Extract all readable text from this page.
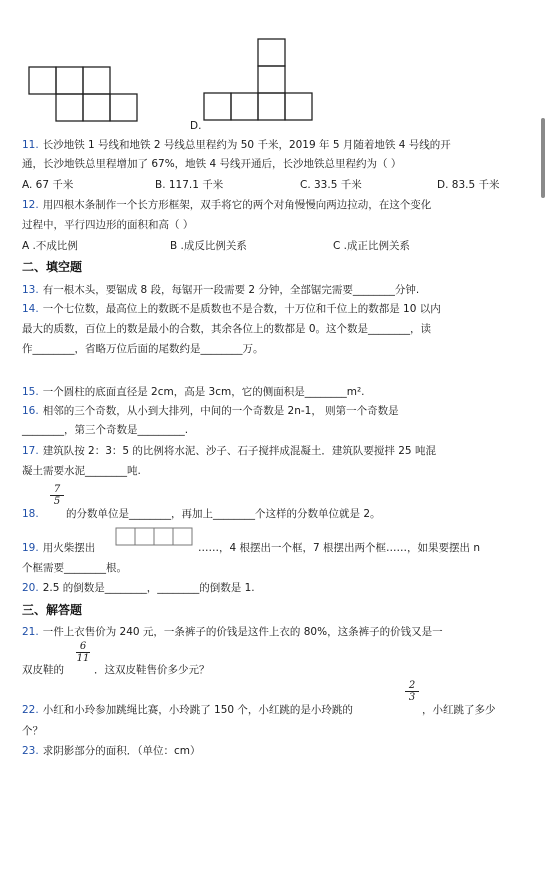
D.
11. 长沙地铁 1 号线和地铁 2 号线总里程约为 50 千米，2019 年 5 月随着地铁 4 号线的开
通，长沙地铁总里程增加了 67%，地铁 4 号线开通后，长沙地铁总里程约为（ ）
A. 67 千米	B. 117.1 千米	C. 33.5 千米	D. 83.5 千米
12. 用四根木条制作一个长方形框架，双手将它的两个对角慢慢向两边拉动，在这个变化
过程中，平行四边形的面积和高（ ）
A .不成比例	B .成反比例关系	C .成正比例关系
二、填空题
13. 有一根木头，要锯成 8 段，每锯开一段需要 2 分钟，全部锯完需要________分钟.
14. 一个七位数，最高位上的数既不是质数也不是合数，十万位和千位上的数都是 10 以内
最大的质数，百位上的数是最小的合数，其余各位上的数都是 0。这个数是________，读
作________，省略万位后面的尾数约是________万。
15. 一个圆柱的底面直径是 2cm，高是 3cm，它的侧面积是________m².
16. 相邻的三个奇数，从小到大排列，中间的一个奇数是 2n-1， 则第一个奇数是
________，第三个奇数是_________.
17. 建筑队按 2：3：5 的比例将水泥、沙子、石子搅拌成混凝土．建筑队要搅拌 25 吨混
凝土需要水泥________吨.
18.
$\frac{7}{5}$
的分数单位是________，再加上________个这样的分数单位就是 2。
19. 用火柴摆出	……，4 根摆出一个框，7 根摆出两个框……，如果要摆出 n
个框需要________根。
20. 2.5 的倒数是________，________的倒数是 1.
三、解答题
21. 一件上衣售价为 240 元，一条裤子的价钱是这件上衣的 80%，这条裤子的价钱又是一
双皮鞋的
$\frac{6}{11}$
．这双皮鞋售价多少元？
22. 小红和小玲参加跳绳比赛，小玲跳了 150 个，小红跳的是小玲跳的
$\frac{2}{3}$
，小红跳了多少
个？
23. 求阴影部分的面积．（单位：cm）
